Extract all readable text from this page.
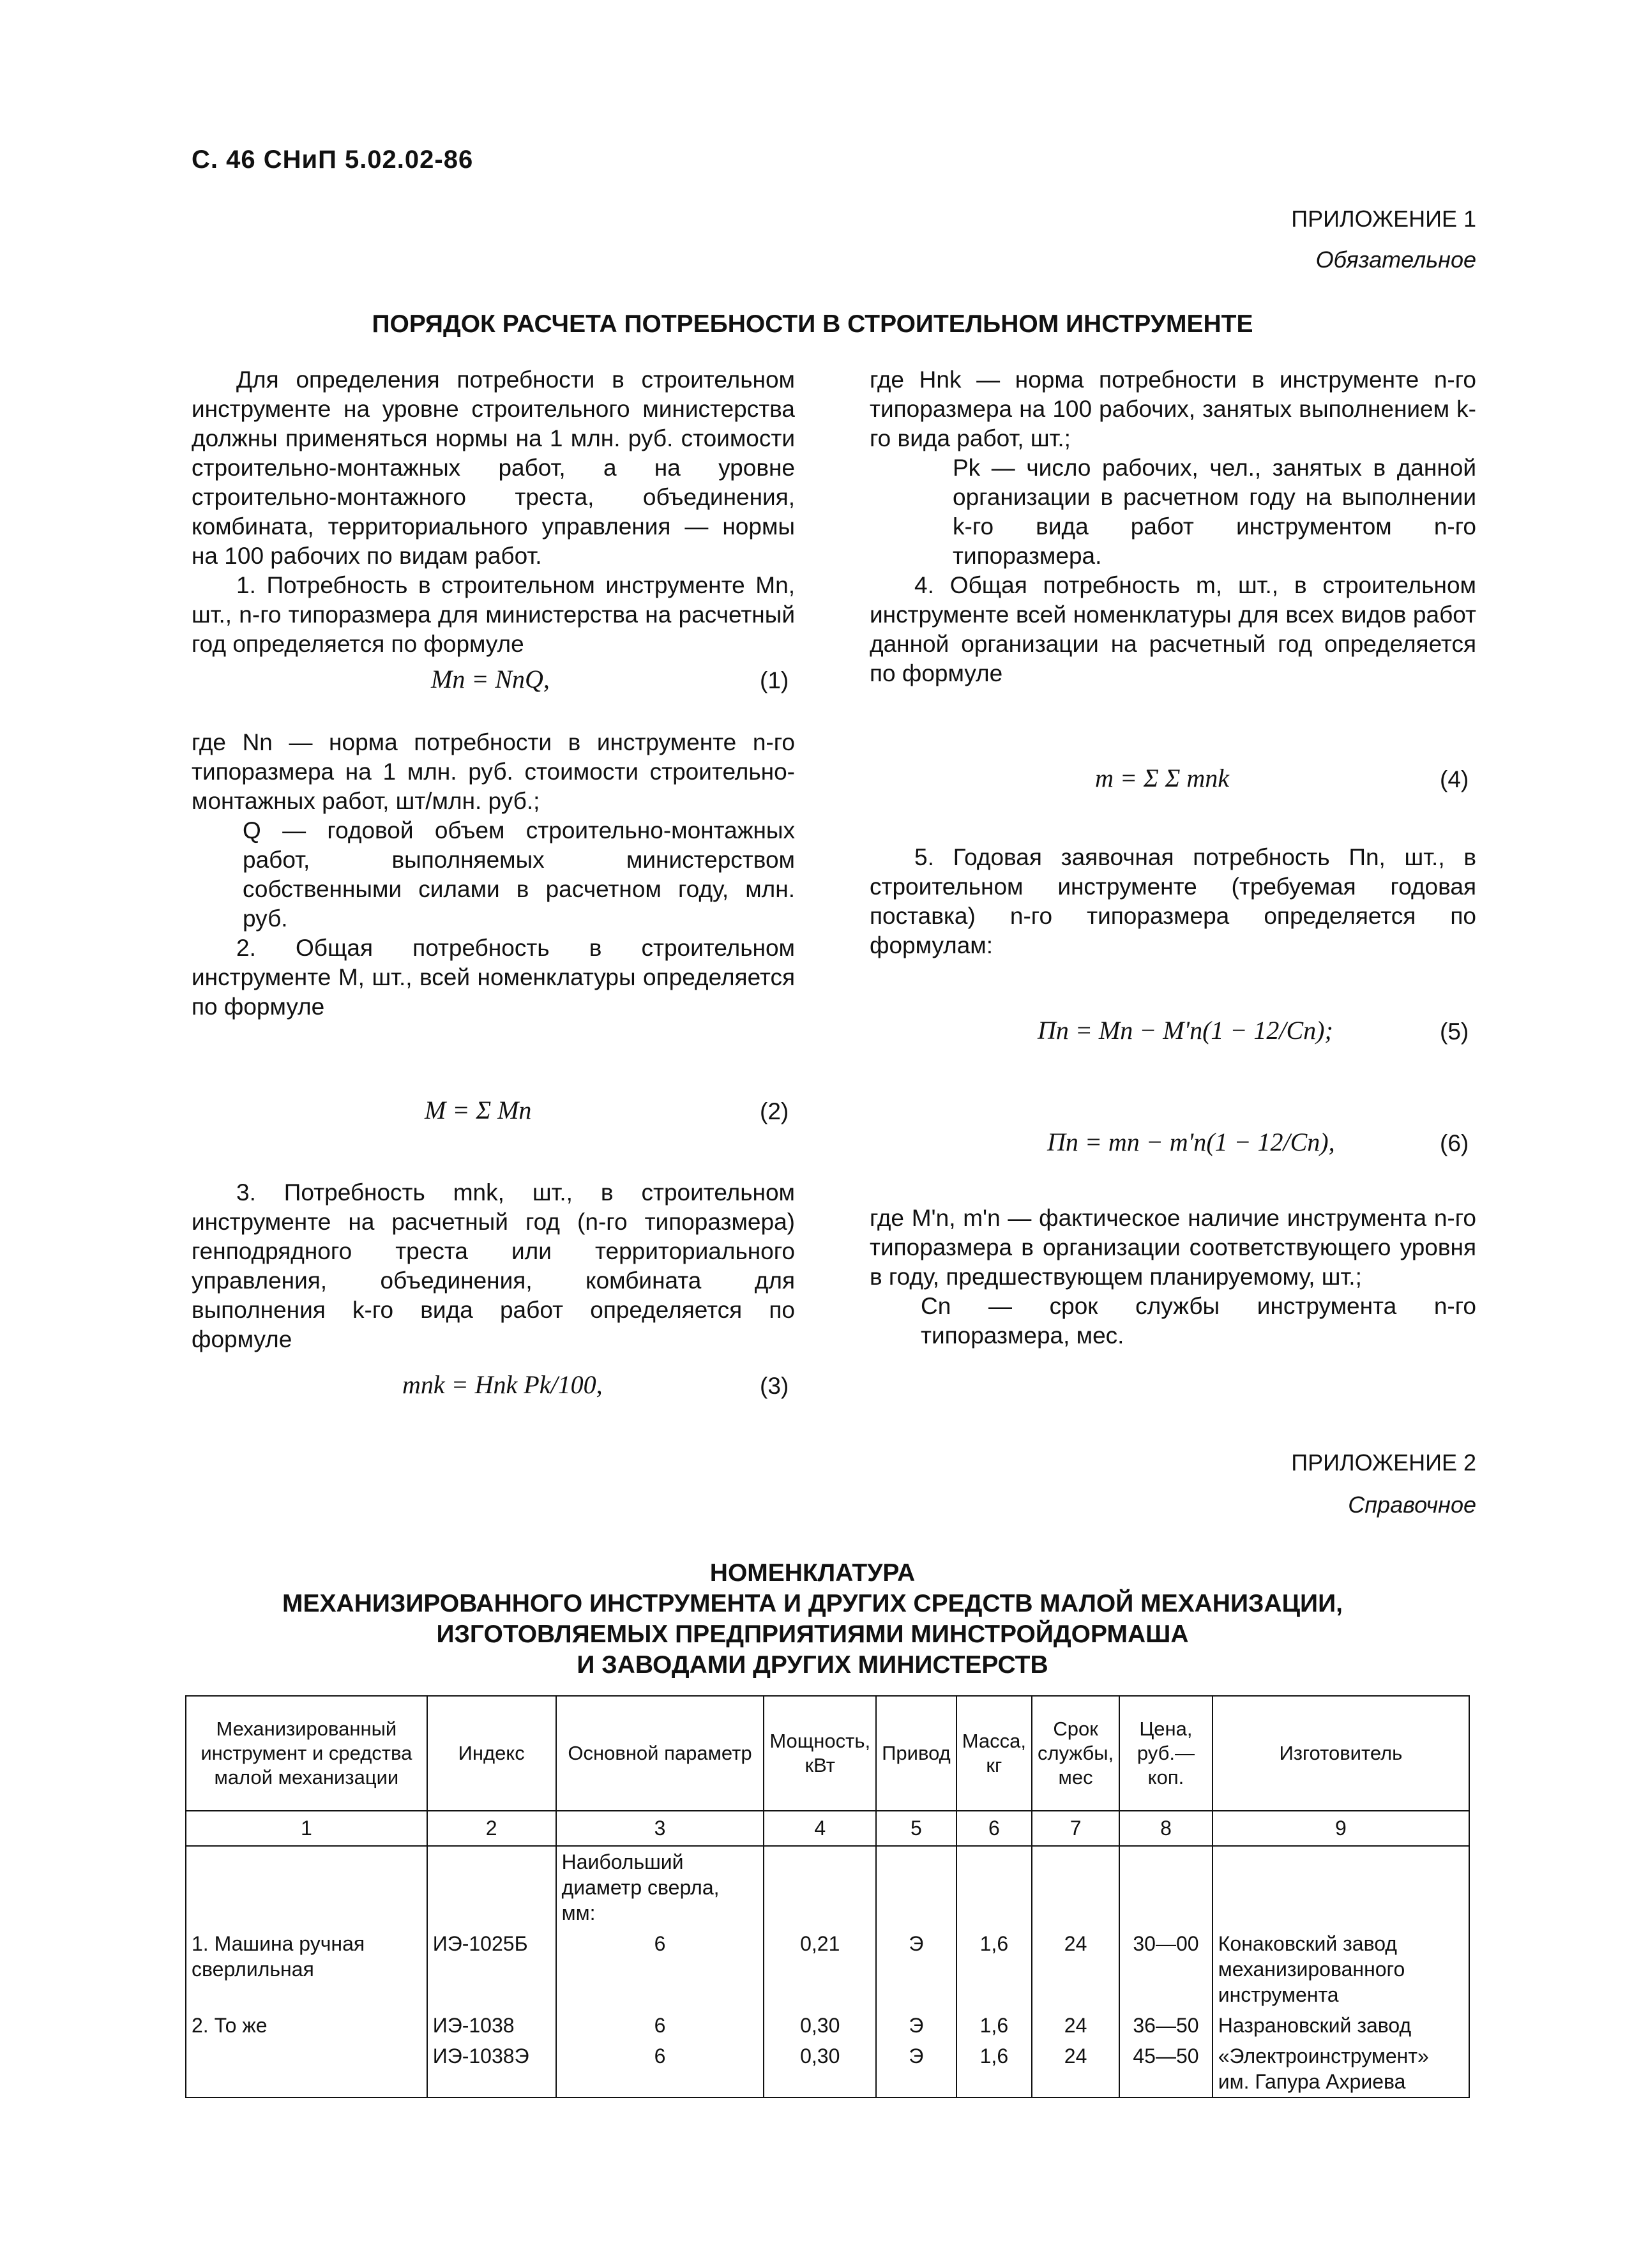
С. 46 СНиП 5.02.02-86
ПРИЛОЖЕНИЕ 1
Обязательное
ПОРЯДОК РАСЧЕТА ПОТРЕБНОСТИ В СТРОИТЕЛЬНОМ ИНСТРУМЕНТЕ

Для определения потребности в строительном инструменте на уровне строительного министерства должны применяться нормы на 1 млн. руб. стоимости строительно-монтажных работ, а на уровне строительно-монтажного треста, объединения, комбината, территориального управления — нормы на 100 рабочих по видам работ.

1. Потребность в строительном инструменте Mn, шт., n-го типоразмера для министерства на расчетный год определяется по формуле

Mn = NnQ,	(1)

где Nn — норма потребности в инструменте n-го типоразмера на 1 млн. руб. стоимости строительно-монтажных работ, шт/млн. руб.;

Q — годовой объем строительно-монтажных работ, выполняемых министерством собственными силами в расчетном году, млн. руб.

2. Общая потребность в строительном инструменте M, шт., всей номенклатуры определяется по формуле

M = Σ Mn	(2)

3. Потребность mnk, шт., в строительном инструменте на расчетный год (n-го типоразмера) генподрядного треста или территориального управления, объединения, комбината для выполнения k-го вида работ определяется по формуле

mnk = Hnk Pk/100,	(3)

где Hnk — норма потребности в инструменте n-го типоразмера на 100 рабочих, занятых выполнением k-го вида работ, шт.;

Pk — число рабочих, чел., занятых в данной организации в расчетном году на выполнении k-го вида работ инструментом n-го типоразмера.

4. Общая потребность m, шт., в строительном инструменте всей номенклатуры для всех видов работ данной организации на расчетный год определяется по формуле

m = Σ Σ mnk	(4)

5. Годовая заявочная потребность Пn, шт., в строительном инструменте (требуемая годовая поставка) n-го типоразмера определяется по формулам:

Пn = Mn − M'n(1 − 12/Cn);	(5)
Пn = mn − m'n(1 − 12/Cn),	(6)

где M'n, m'n — фактическое наличие инструмента n-го типоразмера в организации соответствующего уровня в году, предшествующем планируемому, шт.;

Cn — срок службы инструмента n-го типоразмера, мес.

ПРИЛОЖЕНИЕ 2
Справочное
НОМЕНКЛАТУРА
МЕХАНИЗИРОВАННОГО ИНСТРУМЕНТА И ДРУГИХ СРЕДСТВ МАЛОЙ МЕХАНИЗАЦИИ,
ИЗГОТОВЛЯЕМЫХ ПРЕДПРИЯТИЯМИ МИНСТРОЙДОРМАША
И ЗАВОДАМИ ДРУГИХ МИНИСТЕРСТВ
Механизированный инструмент и средства малой механизации	Индекс	Основной параметр	Мощность, кВт	Привод	Масса, кг	Срок службы, мес	Цена, руб.— коп.	Изготовитель
1	2	3	4	5	6	7	8	9
		Наибольший диаметр сверла, мм:						
1. Машина ручная сверлильная	ИЭ-1025Б	6	0,21	Э	1,6	24	30—00	Конаковский завод механизированного инструмента
2. То же	ИЭ-1038	6	0,30	Э	1,6	24	36—50	Назрановский завод
	ИЭ-1038Э	6	0,30	Э	1,6	24	45—50	«Электроинструмент» им. Гапура Ахриева
